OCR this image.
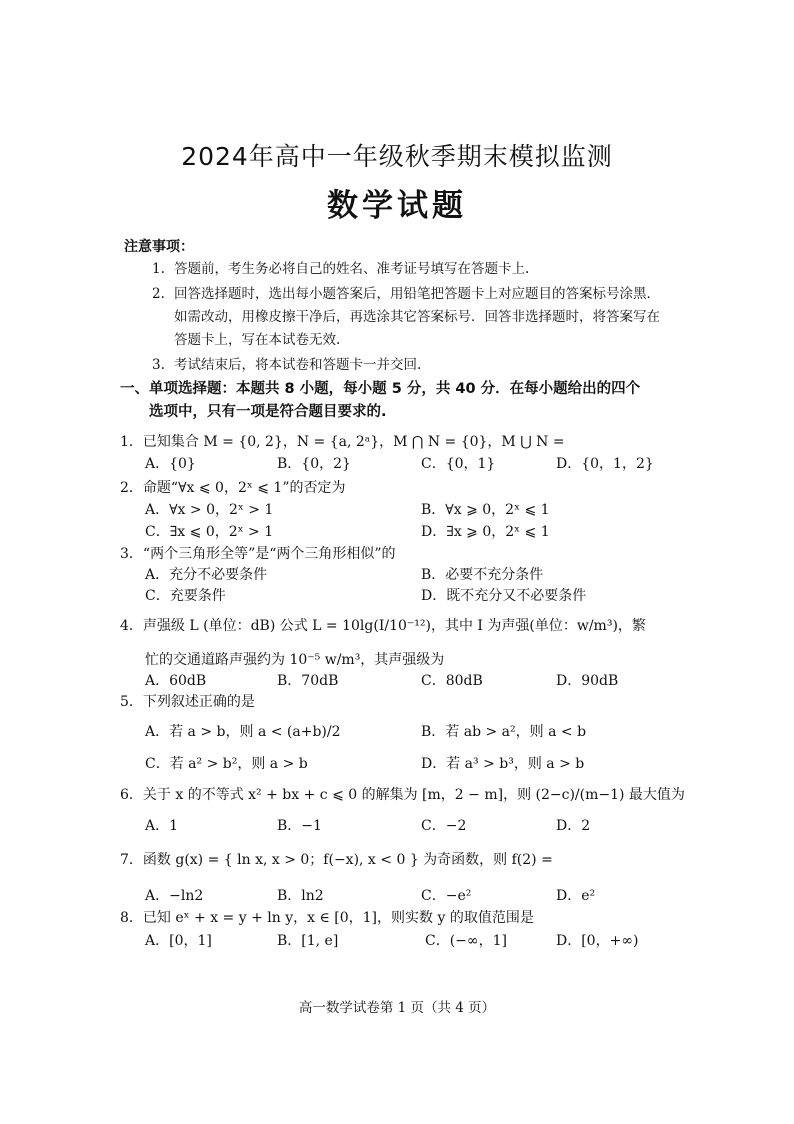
2024年高中一年级秋季期末模拟监测
数学试题
注意事项：
1. 答题前，考生务必将自己的姓名、准考证号填写在答题卡上.
2. 回答选择题时，选出每小题答案后，用铅笔把答题卡上对应题目的答案标号涂黑．如需改动，用橡皮擦干净后，再选涂其它答案标号．回答非选择题时，将答案写在答题卡上，写在本试卷无效.
3. 考试结束后，将本试卷和答题卡一并交回.
一、单项选择题：本题共 8 小题，每小题 5 分，共 40 分．在每小题给出的四个
选项中，只有一项是符合题目要求的.
1．已知集合 M = {0, 2}，N = {a, 2ᵃ}，M ⋂ N = {0}，M ⋃ N =
A．{0}	B．{0，2}	C．{0，1}	D．{0，1，2}
2．命题“∀x ⩽ 0，2ˣ ⩽ 1”的否定为
A．∀x > 0，2ˣ > 1	B．∀x ⩾ 0，2ˣ ⩽ 1
C．∃x ⩽ 0，2ˣ > 1	D．∃x ⩾ 0，2ˣ ⩽ 1
3．“两个三角形全等”是“两个三角形相似”的
A．充分不必要条件	B．必要不充分条件
C．充要条件	D．既不充分又不必要条件
4．声强级 L (单位：dB) 公式 L = 10lg(I/10⁻¹²)，其中 I 为声强(单位：w/m³)，繁
忙的交通道路声强约为 10⁻⁵ w/m³，其声强级为
A．60dB	B．70dB	C．80dB	D．90dB
5．下列叙述正确的是
A．若 a > b，则 a < (a+b)/2	B．若 ab > a²，则 a < b
C．若 a² > b²，则 a > b	D．若 a³ > b³，则 a > b
6．关于 x 的不等式 x² + bx + c ⩽ 0 的解集为 [m，2 − m]，则 (2−c)/(m−1) 最大值为
A．1	B．−1	C．−2	D．2
7．函数 g(x) = { ln x, x > 0；f(−x), x < 0 } 为奇函数，则 f(2) =
A．−ln2	B．ln2	C．−e²	D．e²
8．已知 eˣ + x = y + ln y，x ∈ [0，1]，则实数 y 的取值范围是
A．[0，1]	B．[1, e]	C．(−∞，1]	D．[0，+∞)
高一数学试卷第 1 页（共 4 页）
